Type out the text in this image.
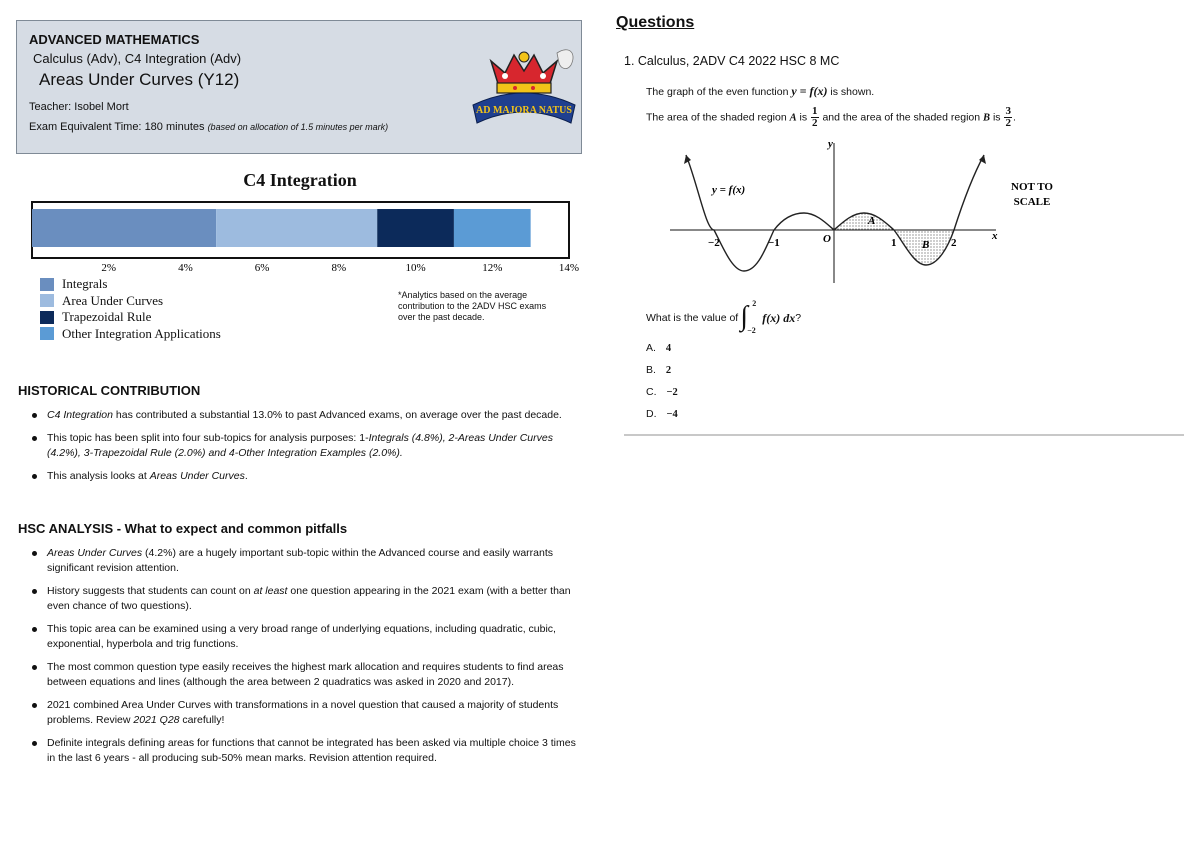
ADVANCED MATHEMATICS
Calculus (Adv), C4 Integration (Adv)
Areas Under Curves (Y12)
Teacher: Isobel Mort
Exam Equivalent Time: 180 minutes (based on allocation of 1.5 minutes per mark)
AD MAJORA NATUS
C4 Integration
2%	4%	6%	8%	10%	12%	14%
Integrals
Area Under Curves
Trapezoidal Rule
Other Integration Applications
*Analytics based on the average contribution to the 2ADV HSC exams over the past decade.
HISTORICAL CONTRIBUTION
C4 Integration has contributed a substantial 13.0% to past Advanced exams, on average over the past decade.
This topic has been split into four sub-topics for analysis purposes: 1-Integrals (4.8%), 2-Areas Under Curves (4.2%), 3-Trapezoidal Rule (2.0%) and 4-Other Integration Examples (2.0%).
This analysis looks at Areas Under Curves.
HSC ANALYSIS - What to expect and common pitfalls
Areas Under Curves (4.2%) are a hugely important sub-topic within the Advanced course and easily warrants significant revision attention.
History suggests that students can count on at least one question appearing in the 2021 exam (with a better than even chance of two questions).
This topic area can be examined using a very broad range of underlying equations, including quadratic, cubic, exponential, hyperbola and trig functions.
The most common question type easily receives the highest mark allocation and requires students to find areas between equations and lines (although the area between 2 quadratics was asked in 2020 and 2017).
2021 combined Area Under Curves with transformations in a novel question that caused a majority of students problems. Review 2021 Q28 carefully!
Definite integrals defining areas for functions that cannot be integrated has been asked via multiple choice 3 times in the last 6 years - all producing sub-50% mean marks. Revision attention required.
Questions
1. Calculus, 2ADV C4 2022 HSC 8 MC
The graph of the even function y = f(x) is shown.
The area of the shaded region A is $\frac{1}{2}$ and the area of the shaded region B is $\frac{3}{2}$ .
y
x
y = f(x)
O
−2	−1	1	2
A
B
NOT TO
SCALE
What is the value of ∫ 2
−2
f(x) dx ?
A. 4
B. 2
C. −2
D. −4
